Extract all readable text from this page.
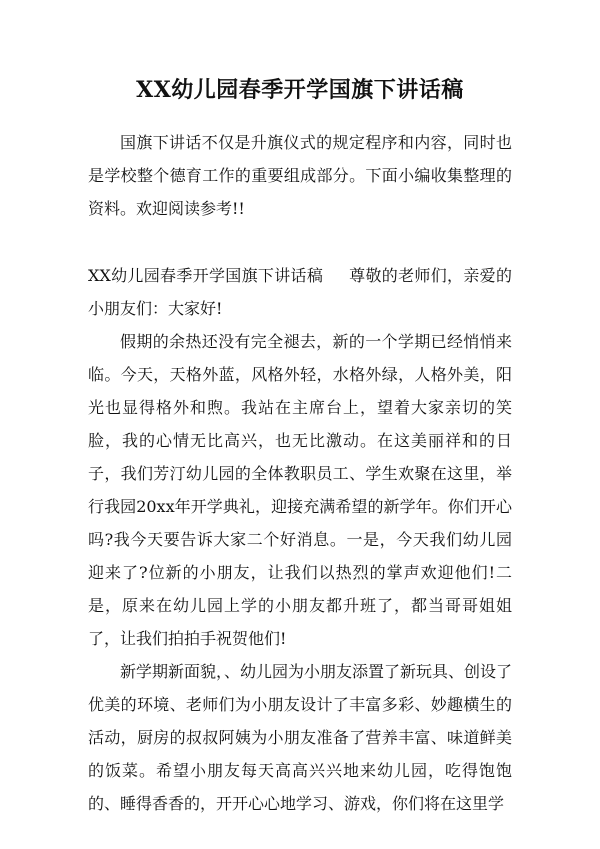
XX幼儿园春季开学国旗下讲话稿

国旗下讲话不仅是升旗仪式的规定程序和内容，同时也是学校整个德育工作的重要组成部分。下面小编收集整理的资料。欢迎阅读参考!!

XX幼儿园春季开学国旗下讲话稿 尊敬的老师们，亲爱的小朋友们：大家好!

假期的余热还没有完全褪去，新的一个学期已经悄悄来临。今天，天格外蓝，风格外轻，水格外绿，人格外美，阳光也显得格外和煦。我站在主席台上，望着大家亲切的笑脸，我的心情无比高兴，也无比激动。在这美丽祥和的日子，我们芳汀幼儿园的全体教职员工、学生欢聚在这里，举行我园20xx年开学典礼，迎接充满希望的新学年。你们开心吗?我今天要告诉大家二个好消息。一是，今天我们幼儿园迎来了?位新的小朋友，让我们以热烈的掌声欢迎他们!二是，原来在幼儿园上学的小朋友都升班了，都当哥哥姐姐了，让我们拍拍手祝贺他们!

新学期新面貌，、幼儿园为小朋友添置了新玩具、创设了优美的环境、老师们为小朋友设计了丰富多彩、妙趣横生的活动，厨房的叔叔阿姨为小朋友准备了营养丰富、味道鲜美的饭菜。希望小朋友每天高高兴兴地来幼儿园，吃得饱饱的、睡得香香的，开开心心地学习、游戏，你们将在这里学
